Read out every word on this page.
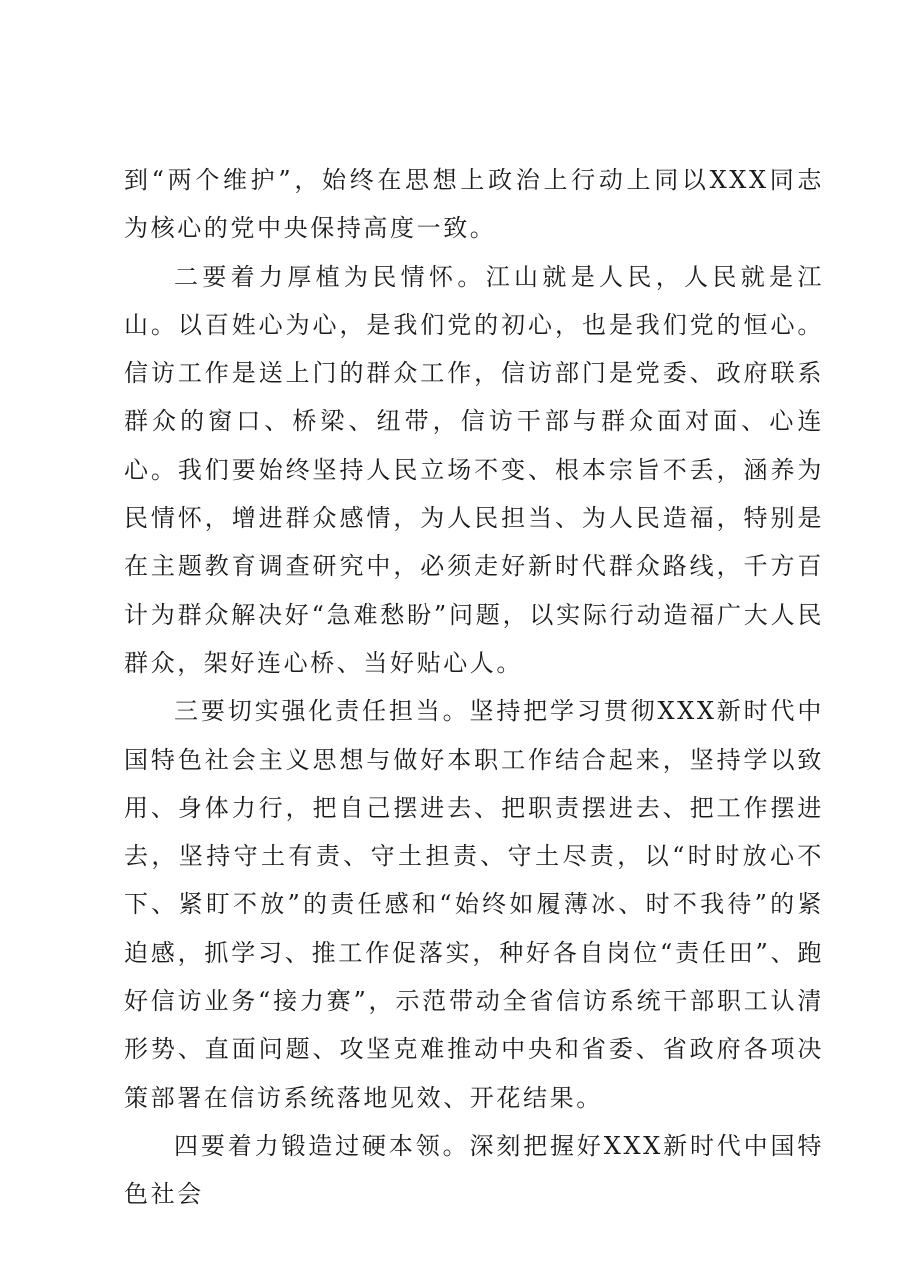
到“两个维护”，始终在思想上政治上行动上同以XXX同志为核心的党中央保持高度一致。

二要着力厚植为民情怀。江山就是人民，人民就是江山。以百姓心为心，是我们党的初心，也是我们党的恒心。信访工作是送上门的群众工作，信访部门是党委、政府联系群众的窗口、桥梁、纽带，信访干部与群众面对面、心连心。我们要始终坚持人民立场不变、根本宗旨不丢，涵养为民情怀，增进群众感情，为人民担当、为人民造福，特别是在主题教育调查研究中，必须走好新时代群众路线，千方百计为群众解决好“急难愁盼”问题，以实际行动造福广大人民群众，架好连心桥、当好贴心人。

三要切实强化责任担当。坚持把学习贯彻XXX新时代中国特色社会主义思想与做好本职工作结合起来，坚持学以致用、身体力行，把自己摆进去、把职责摆进去、把工作摆进去，坚持守土有责、守土担责、守土尽责，以“时时放心不下、紧盯不放”的责任感和“始终如履薄冰、时不我待”的紧迫感，抓学习、推工作促落实，种好各自岗位“责任田”、跑好信访业务“接力赛”，示范带动全省信访系统干部职工认清形势、直面问题、攻坚克难推动中央和省委、省政府各项决策部署在信访系统落地见效、开花结果。

四要着力锻造过硬本领。深刻把握好XXX新时代中国特色社会
